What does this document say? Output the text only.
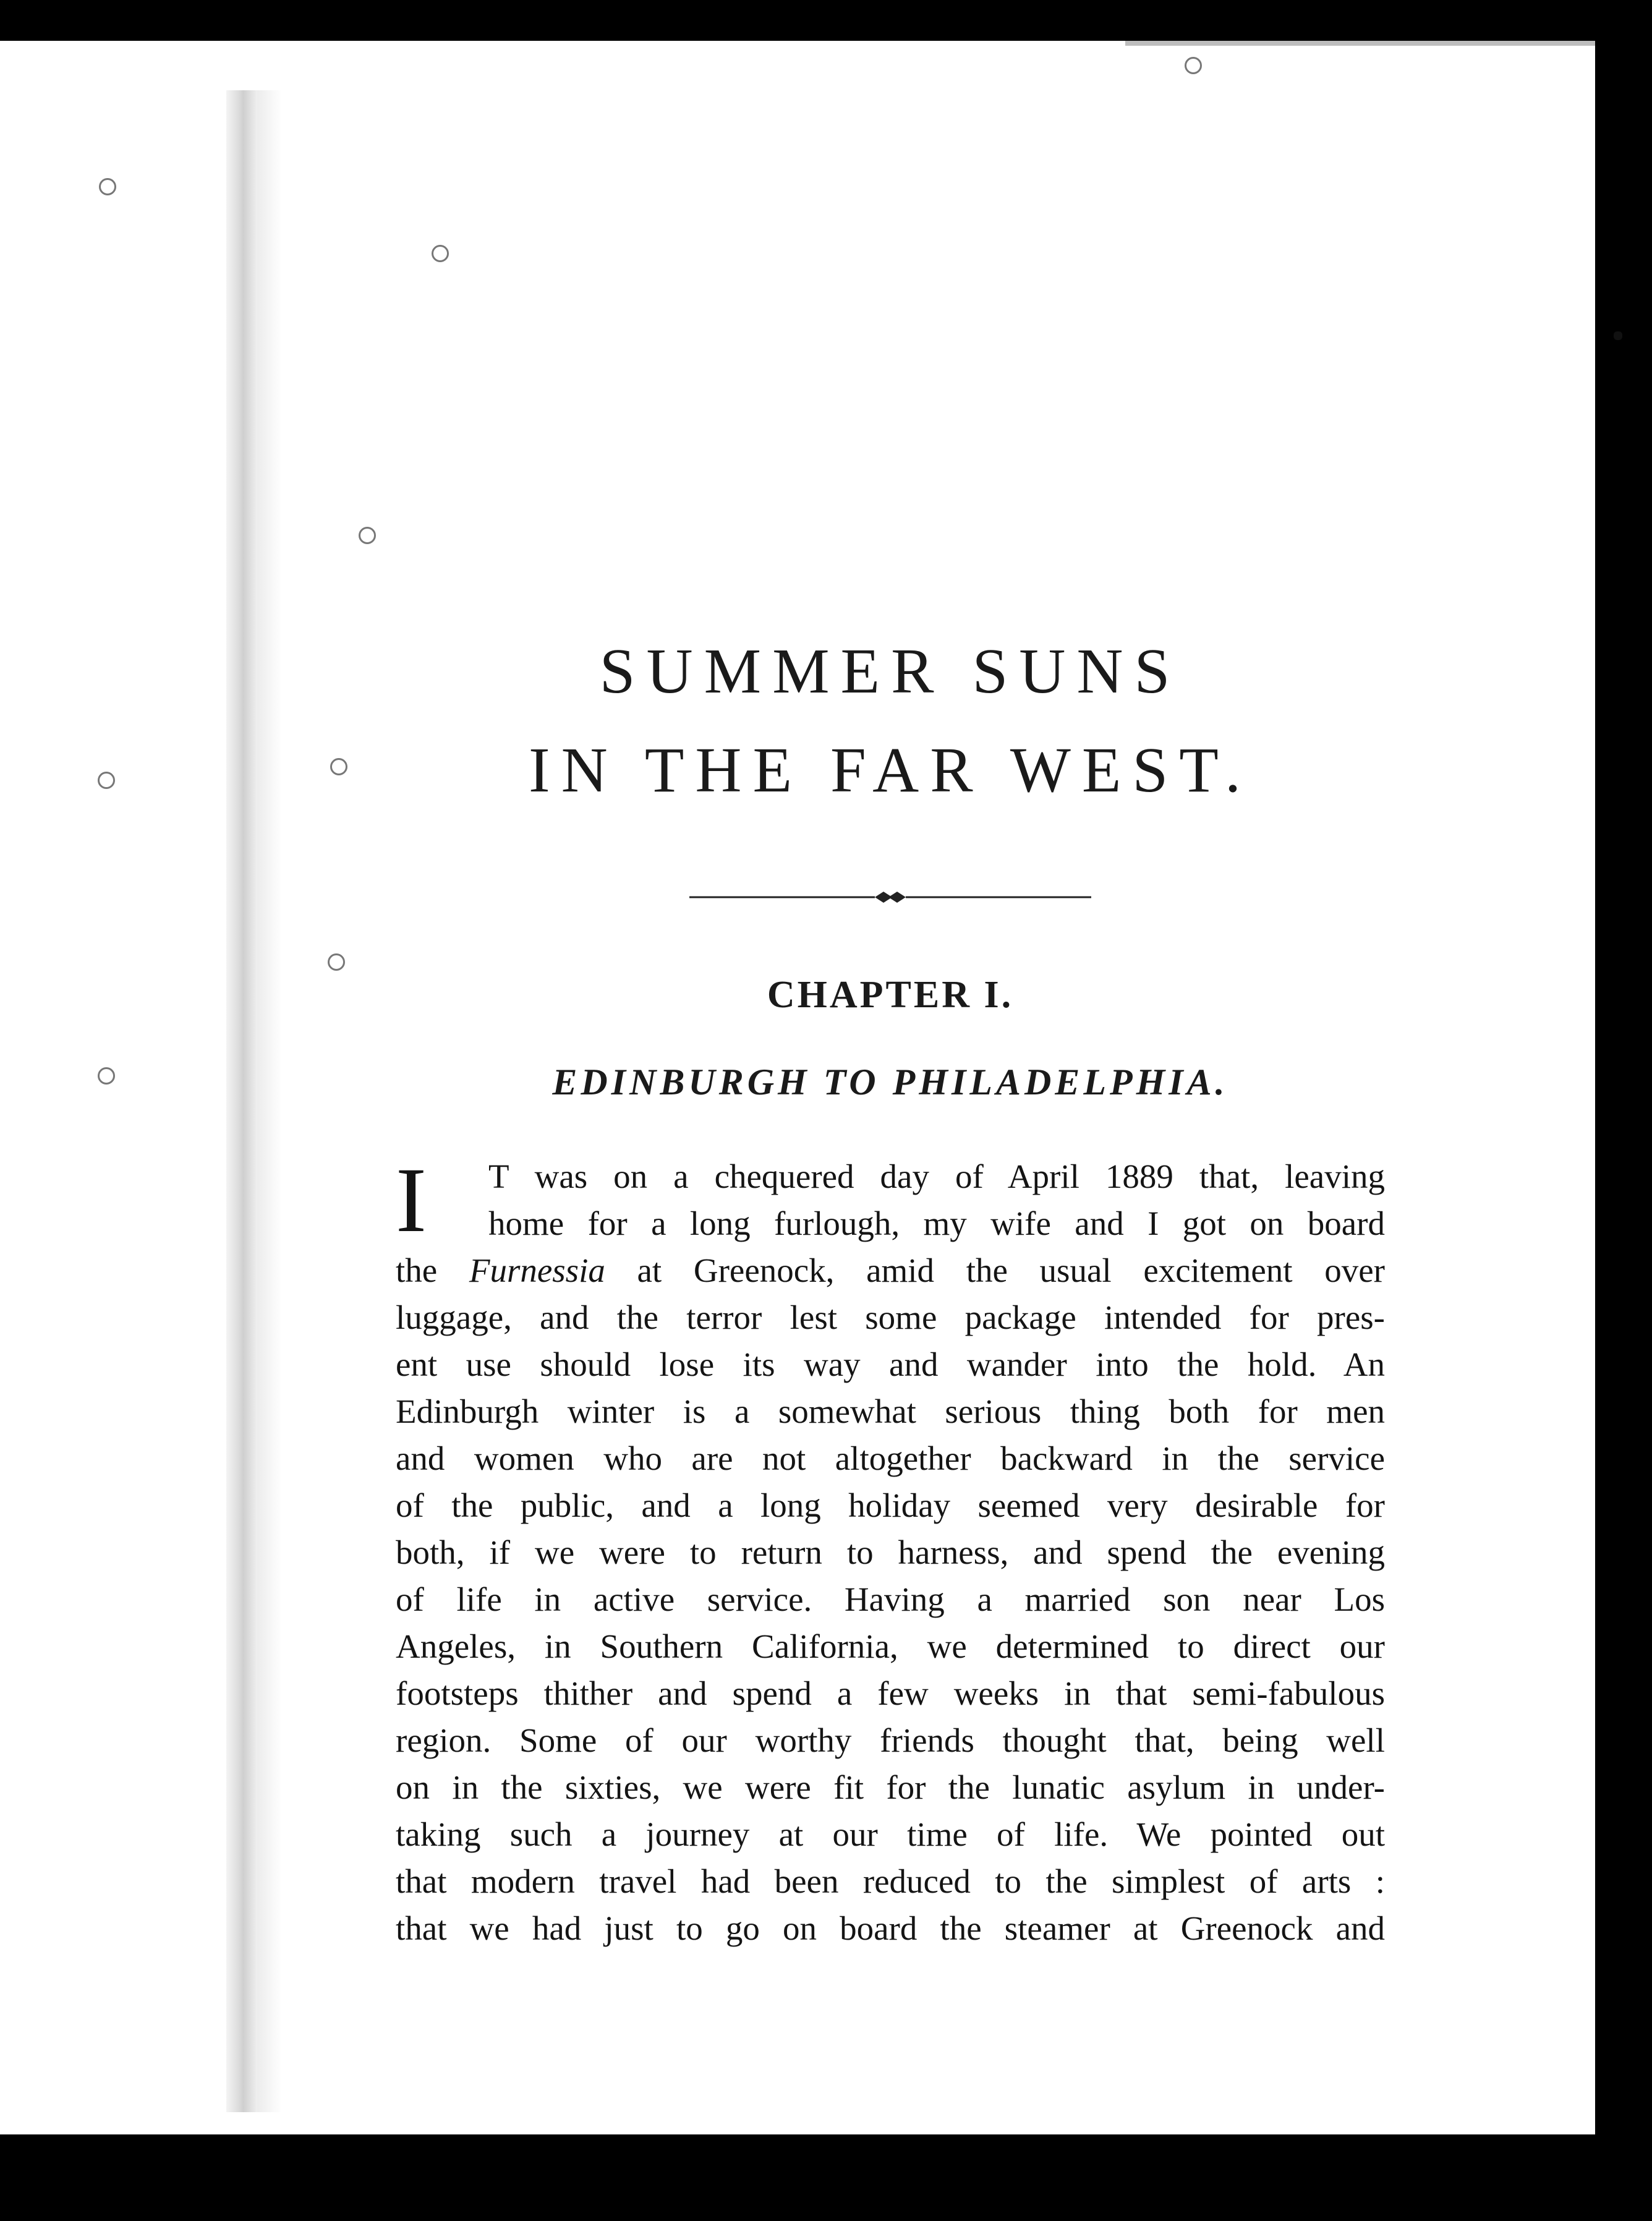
SUMMER SUNS
IN THE FAR WEST.
CHAPTER I.
EDINBURGH TO PHILADELPHIA.
I T was on a chequered day of April 1889 that, leaving
home for a long furlough, my wife and I got on board
the Furnessia at Greenock, amid the usual excitement over
luggage, and the terror lest some package intended for pres-
ent use should lose its way and wander into the hold. An
Edinburgh winter is a somewhat serious thing both for men
and women who are not altogether backward in the service
of the public, and a long holiday seemed very desirable for
both, if we were to return to harness, and spend the evening
of life in active service. Having a married son near Los
Angeles, in Southern California, we determined to direct our
footsteps thither and spend a few weeks in that semi-fabulous
region. Some of our worthy friends thought that, being well
on in the sixties, we were fit for the lunatic asylum in under-
taking such a journey at our time of life. We pointed out
that modern travel had been reduced to the simplest of arts :
that we had just to go on board the steamer at Greenock and
